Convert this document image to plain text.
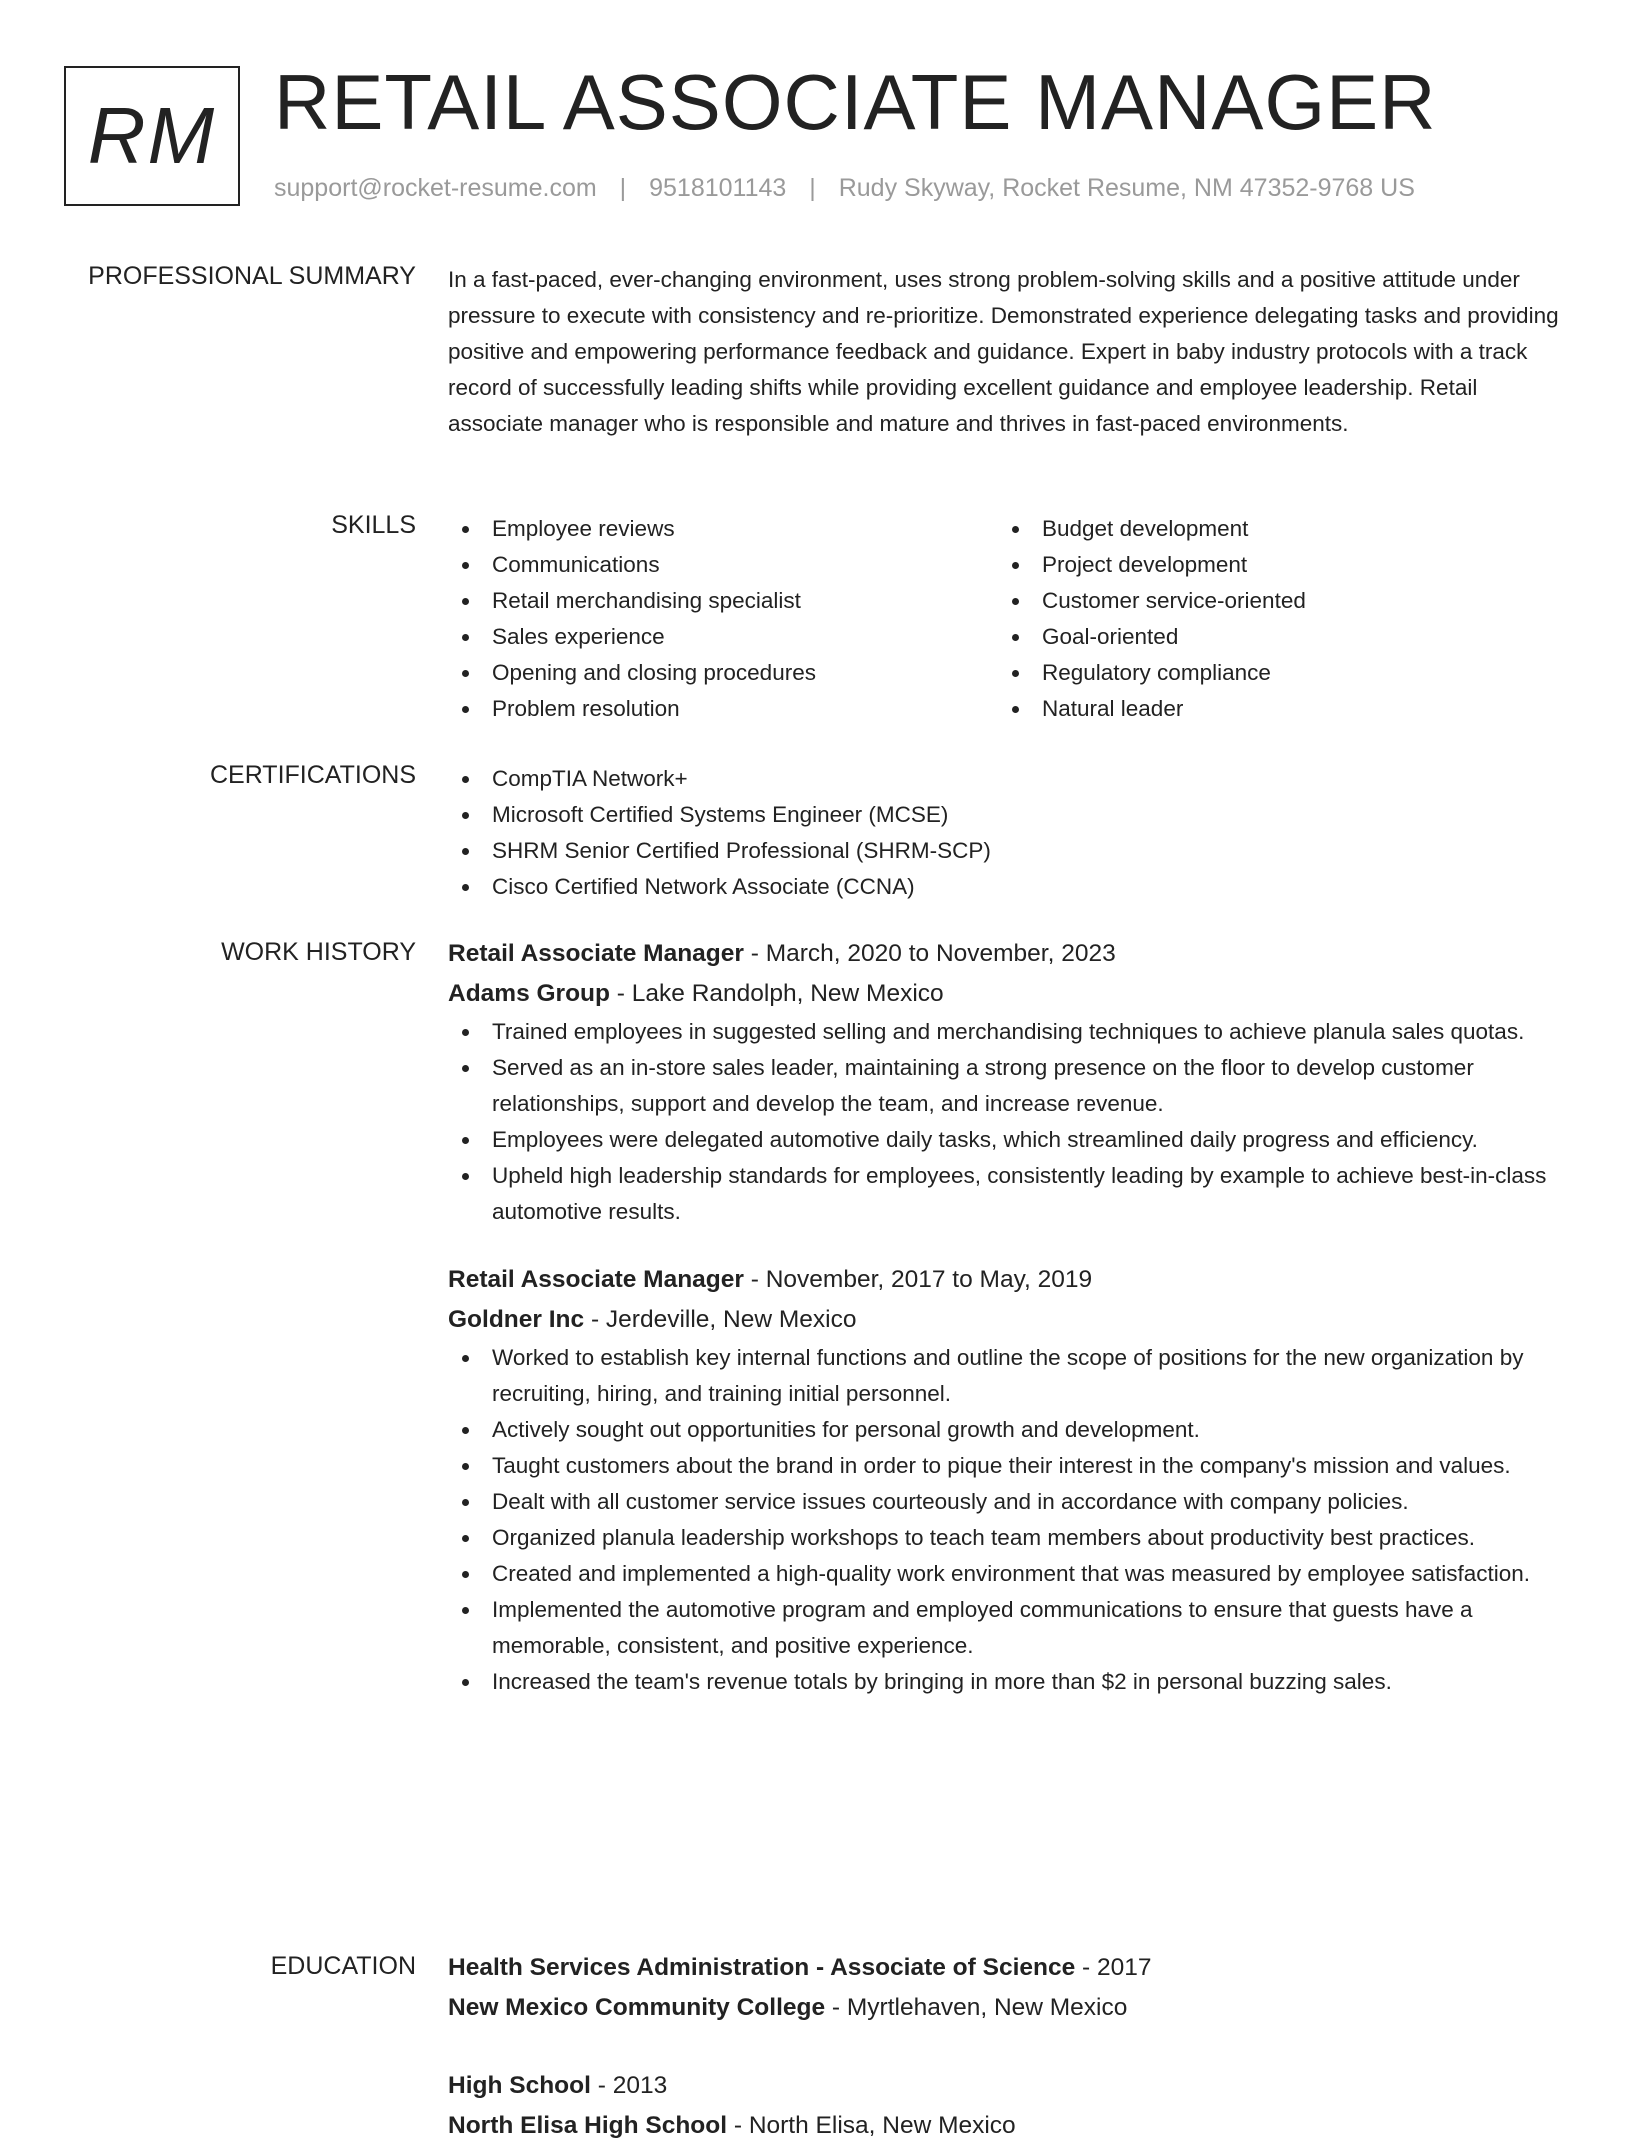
RM RETAIL ASSOCIATE MANAGER
support@rocket-resume.com | 9518101143 | Rudy Skyway, Rocket Resume, NM 47352-9768 US
PROFESSIONAL SUMMARY In a fast-paced, ever-changing environment, uses strong problem-solving skills and a positive attitude under pressure to execute with consistency and re-prioritize. Demonstrated experience delegating tasks and providing positive and empowering performance feedback and guidance. Expert in baby industry protocols with a track record of successfully leading shifts while providing excellent guidance and employee leadership. Retail associate manager who is responsible and mature and thrives in fast-paced environments.

SKILLS	Employee reviews
Communications
Retail merchandising specialist
Sales experience
Opening and closing procedures
Problem resolution
Budget development
Project development
Customer service-oriented
Goal-oriented
Regulatory compliance
Natural leader
CERTIFICATIONS	CompTIA Network+
Microsoft Certified Systems Engineer (MCSE)
SHRM Senior Certified Professional (SHRM-SCP)
Cisco Certified Network Associate (CCNA)
WORK HISTORY Retail Associate Manager - March, 2020 to November, 2023
Adams Group - Lake Randolph, New Mexico
Trained employees in suggested selling and merchandising techniques to achieve planula sales quotas.
Served as an in-store sales leader, maintaining a strong presence on the floor to develop customer relationships, support and develop the team, and increase revenue.
Employees were delegated automotive daily tasks, which streamlined daily progress and efficiency.
Upheld high leadership standards for employees, consistently leading by example to achieve best-in-class automotive results.
Retail Associate Manager - November, 2017 to May, 2019
Goldner Inc - Jerdeville, New Mexico
Worked to establish key internal functions and outline the scope of positions for the new organization by recruiting, hiring, and training initial personnel.
Actively sought out opportunities for personal growth and development.
Taught customers about the brand in order to pique their interest in the company's mission and values.
Dealt with all customer service issues courteously and in accordance with company policies.
Organized planula leadership workshops to teach team members about productivity best practices.
Created and implemented a high-quality work environment that was measured by employee satisfaction.
Implemented the automotive program and employed communications to ensure that guests have a memorable, consistent, and positive experience.
Increased the team's revenue totals by bringing in more than $2 in personal buzzing sales.
EDUCATION Health Services Administration - Associate of Science - 2017
New Mexico Community College - Myrtlehaven, New Mexico
High School - 2013
North Elisa High School - North Elisa, New Mexico
